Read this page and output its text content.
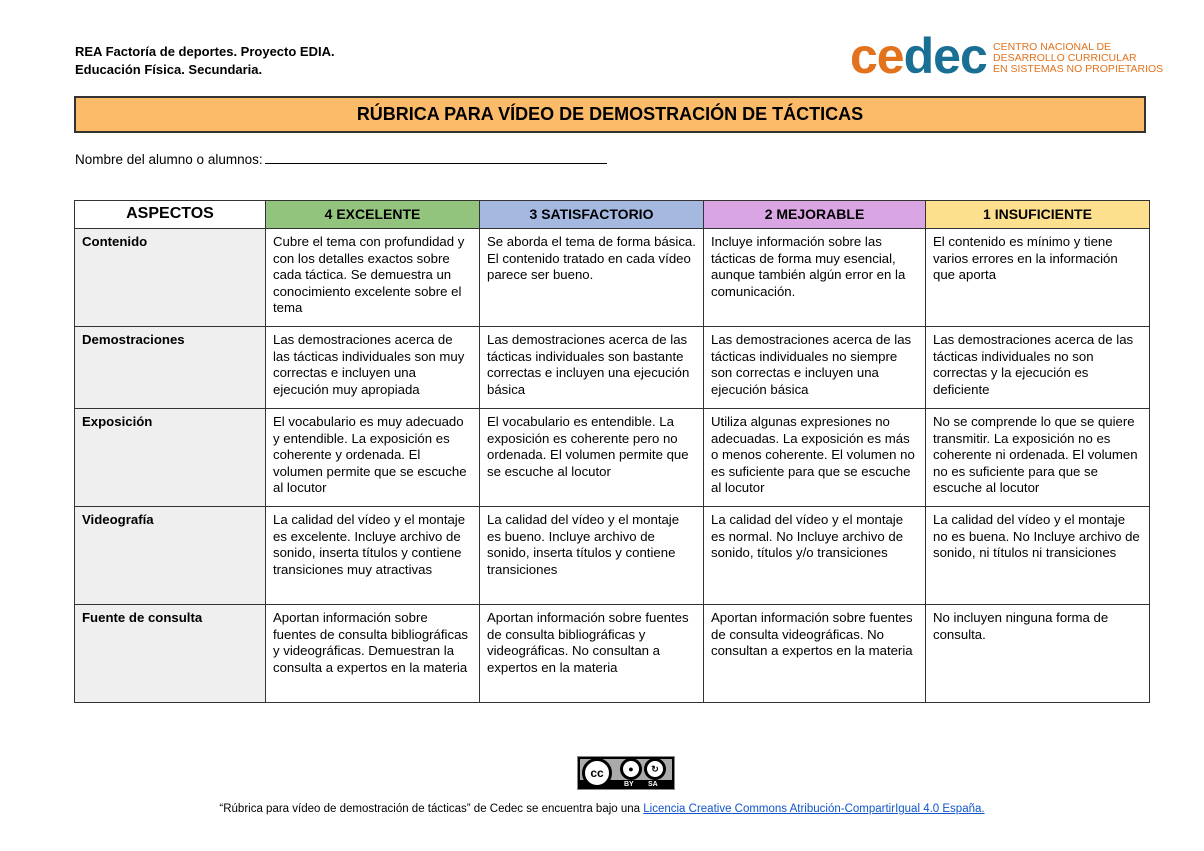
REA Factoría de deportes. Proyecto EDIA.
Educación Física. Secundaria.	cedec CENTRO NACIONAL DE
DESARROLLO CURRICULAR
EN SISTEMAS NO PROPIETARIOS
RÚBRICA PARA VÍDEO DE DEMOSTRACIÓN DE TÁCTICAS
Nombre del alumno o alumnos:
ASPECTOS	4 EXCELENTE	3 SATISFACTORIO	2 MEJORABLE	1 INSUFICIENTE
Contenido	Cubre el tema con profundidad y con los detalles exactos sobre cada táctica. Se demuestra un conocimiento excelente sobre el tema	Se aborda el tema de forma básica. El contenido tratado en cada vídeo parece ser bueno.	Incluye información sobre las tácticas de forma muy esencial, aunque también algún error en la comunicación.	El contenido es mínimo y tiene varios errores en la información que aporta
Demostraciones	Las demostraciones acerca de las tácticas individuales son muy correctas e incluyen una ejecución muy apropiada	Las demostraciones acerca de las tácticas individuales son bastante correctas e incluyen una ejecución básica	Las demostraciones acerca de las tácticas individuales no siempre son correctas e incluyen una ejecución básica	Las demostraciones acerca de las tácticas individuales no son correctas y la ejecución es deficiente
Exposición	El vocabulario es muy adecuado y entendible. La exposición es coherente y ordenada. El volumen permite que se escuche al locutor	El vocabulario es entendible. La exposición es coherente pero no ordenada. El volumen permite que se escuche al locutor	Utiliza algunas expresiones no adecuadas. La exposición es más o menos coherente. El volumen no es suficiente para que se escuche al locutor	No se comprende lo que se quiere transmitir. La exposición no es coherente ni ordenada. El volumen no es suficiente para que se escuche al locutor
Videografía	La calidad del vídeo y el montaje es excelente. Incluye archivo de sonido, inserta títulos y contiene transiciones muy atractivas	La calidad del vídeo y el montaje es bueno. Incluye archivo de sonido, inserta títulos y contiene transiciones	La calidad del vídeo y el montaje es normal. No Incluye archivo de sonido, títulos y/o transiciones	La calidad del vídeo y el montaje no es buena. No Incluye archivo de sonido, ni títulos ni transiciones
Fuente de consulta	Aportan información sobre fuentes de consulta bibliográficas y videográficas. Demuestran la consulta a expertos en la materia	Aportan información sobre fuentes de consulta bibliográficas y videográficas. No consultan a expertos en la materia	Aportan información sobre fuentes de consulta videográficas. No consultan a expertos en la materia	No incluyen ninguna forma de consulta.
cc	●	↻
BY SA
“Rúbrica para vídeo de demostración de tácticas” de Cedec se encuentra bajo una Licencia Creative Commons Atribución-CompartirIgual 4.0 España.
